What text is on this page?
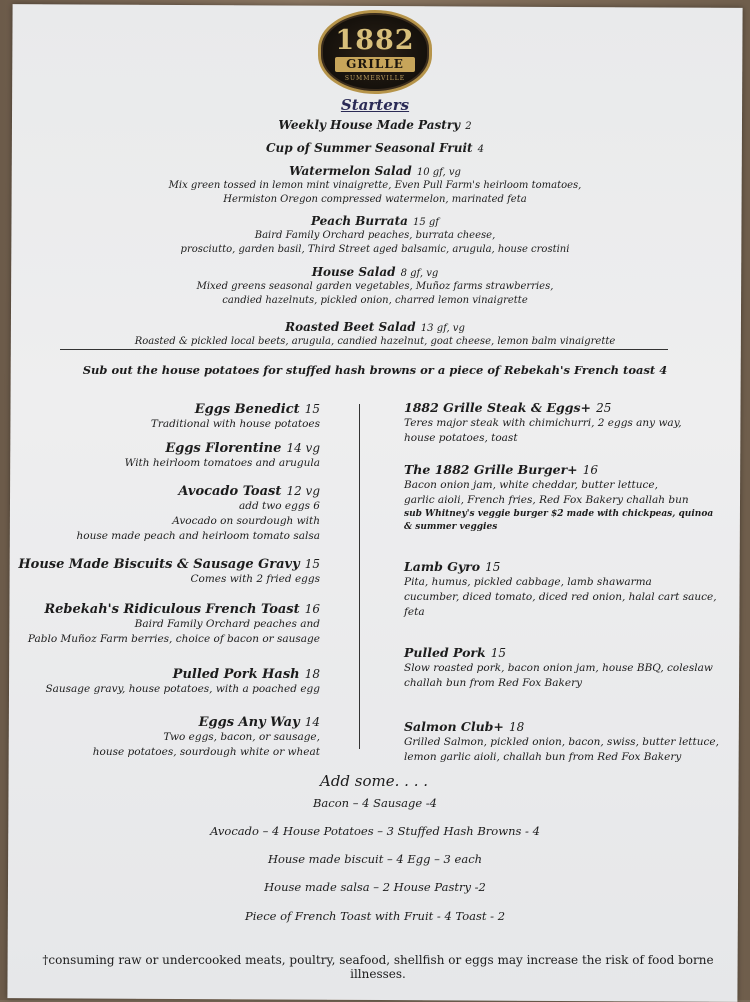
1882
GRILLE
SUMMERVILLE
Starters
Weekly House Made Pastry 2
Cup of Summer Seasonal Fruit 4
Watermelon Salad 10 gf, vg
Mix green tossed in lemon mint vinaigrette, Even Pull Farm's heirloom tomatoes,
Hermiston Oregon compressed watermelon, marinated feta
Peach Burrata 15 gf
Baird Family Orchard peaches, burrata cheese,
prosciutto, garden basil, Third Street aged balsamic, arugula, house crostini
House Salad 8 gf, vg
Mixed greens seasonal garden vegetables, Muñoz farms strawberries,
candied hazelnuts, pickled onion, charred lemon vinaigrette
Roasted Beet Salad 13 gf, vg
Roasted & pickled local beets, arugula, candied hazelnut, goat cheese, lemon balm vinaigrette
Sub out the house potatoes for stuffed hash browns or a piece of Rebekah's French toast 4
Eggs Benedict 15
Traditional with house potatoes
Eggs Florentine 14 vg
With heirloom tomatoes and arugula
Avocado Toast 12 vg
add two eggs 6
Avocado on sourdough with
house made peach and heirloom tomato salsa
House Made Biscuits & Sausage Gravy 15
Comes with 2 fried eggs
Rebekah's Ridiculous French Toast 16
Baird Family Orchard peaches and
Pablo Muñoz Farm berries, choice of bacon or sausage
Pulled Pork Hash 18
Sausage gravy, house potatoes, with a poached egg
Eggs Any Way 14
Two eggs, bacon, or sausage,
house potatoes, sourdough white or wheat
1882 Grille Steak & Eggs+ 25
Teres major steak with chimichurri, 2 eggs any way,
house potatoes, toast
The 1882 Grille Burger+ 16
Bacon onion jam, white cheddar, butter lettuce,
garlic aioli, French fries, Red Fox Bakery challah bun
sub Whitney's veggie burger $2 made with chickpeas, quinoa
& summer veggies
Lamb Gyro 15
Pita, humus, pickled cabbage, lamb shawarma
cucumber, diced tomato, diced red onion, halal cart sauce,
feta
Pulled Pork 15
Slow roasted pork, bacon onion jam, house BBQ, coleslaw
challah bun from Red Fox Bakery
Salmon Club+ 18
Grilled Salmon, pickled onion, bacon, swiss, butter lettuce,
lemon garlic aioli, challah bun from Red Fox Bakery
Add some. . . .
Bacon – 4 Sausage -4
Avocado – 4 House Potatoes – 3 Stuffed Hash Browns - 4
House made biscuit – 4 Egg – 3 each
House made salsa – 2 House Pastry -2
Piece of French Toast with Fruit - 4 Toast - 2
†consuming raw or undercooked meats, poultry, seafood, shellfish or eggs may increase the risk of food borne illnesses.
